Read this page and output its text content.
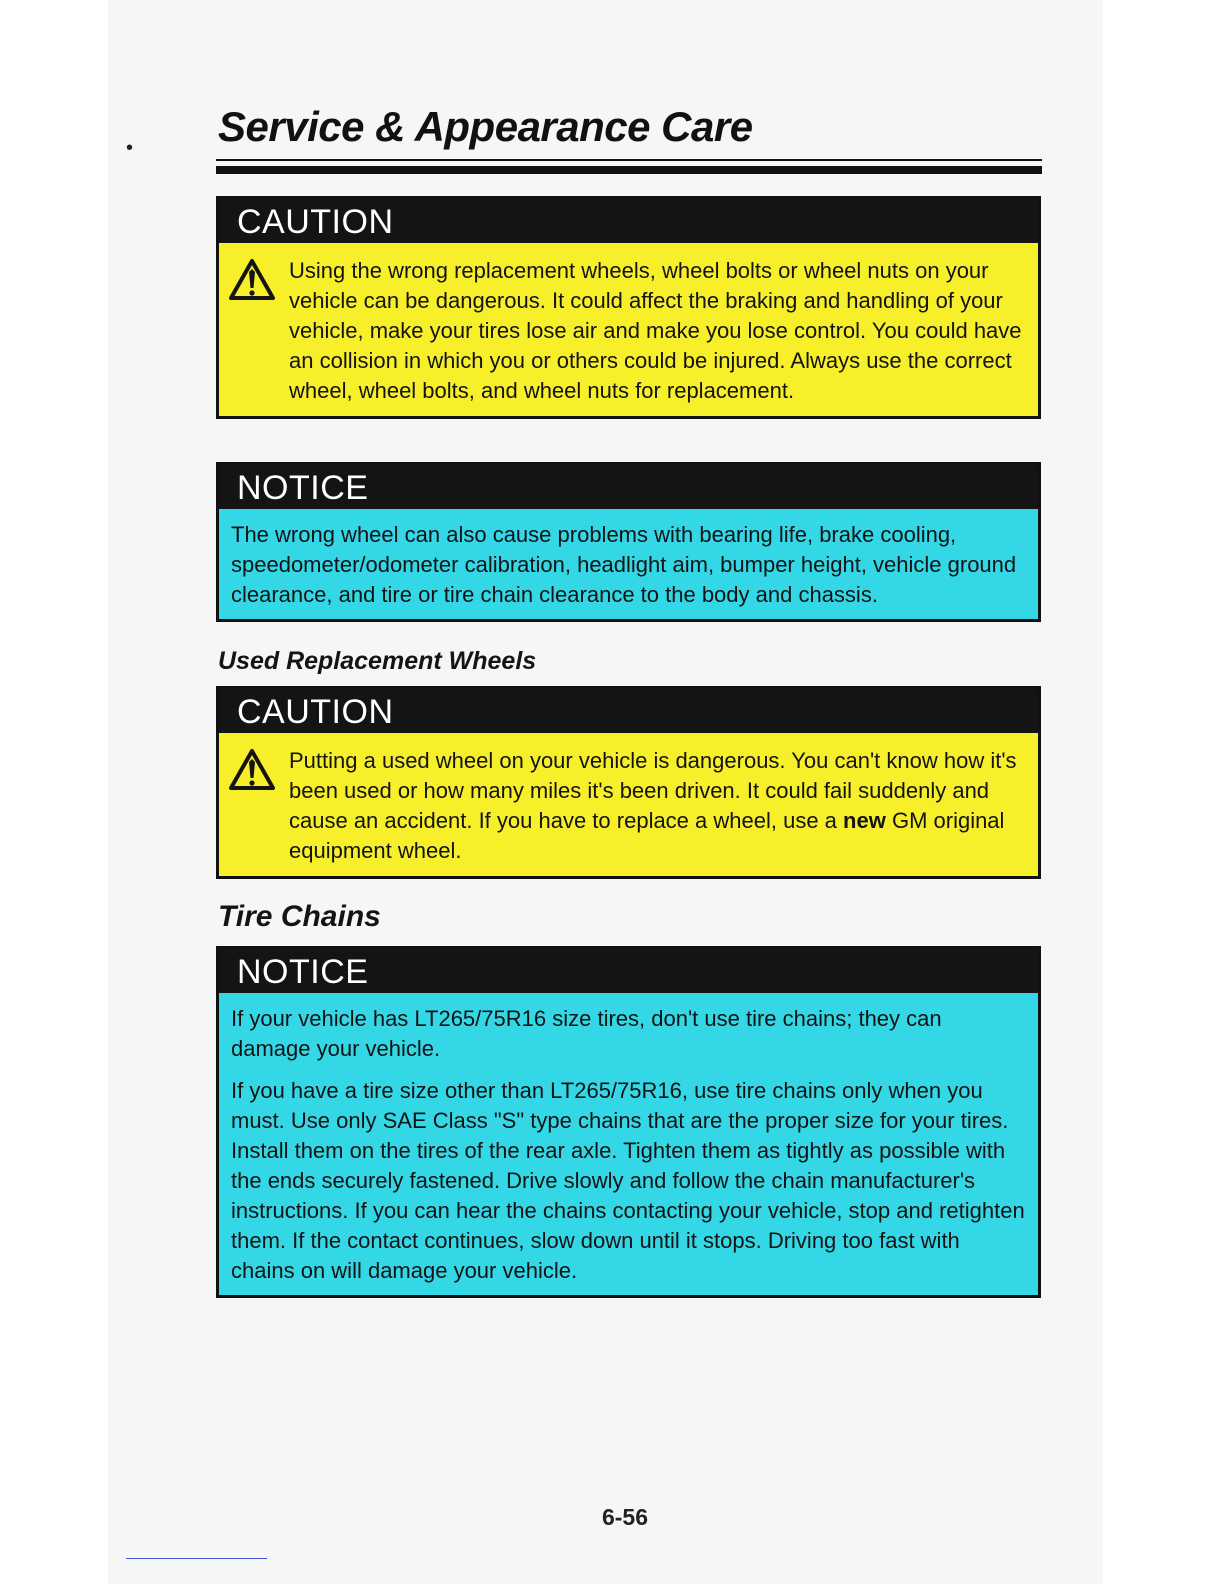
• Service & Appearance Care
CAUTION

Using the wrong replacement wheels, wheel bolts or wheel nuts on your vehicle can be dangerous. It could affect the braking and handling of your vehicle, make your tires lose air and make you lose control. You could have an collision in which you or others could be injured. Always use the correct wheel, wheel bolts, and wheel nuts for replacement.

NOTICE

The wrong wheel can also cause problems with bearing life, brake cooling, speedometer/odometer calibration, headlight aim, bumper height, vehicle ground clearance, and tire or tire chain clearance to the body and chassis.

Used Replacement Wheels
CAUTION

Putting a used wheel on your vehicle is dangerous. You can't know how it's been used or how many miles it's been driven. It could fail suddenly and cause an accident. If you have to replace a wheel, use a new GM original equipment wheel.

Tire Chains
NOTICE

If your vehicle has LT265/75R16 size tires, don't use tire chains; they can damage your vehicle.

If you have a tire size other than LT265/75R16, use tire chains only when you must. Use only SAE Class "S" type chains that are the proper size for your tires. Install them on the tires of the rear axle. Tighten them as tightly as possible with the ends securely fastened. Drive slowly and follow the chain manufacturer's instructions. If you can hear the chains contacting your vehicle, stop and retighten them. If the contact continues, slow down until it stops. Driving too fast with chains on will damage your vehicle.

6-56
